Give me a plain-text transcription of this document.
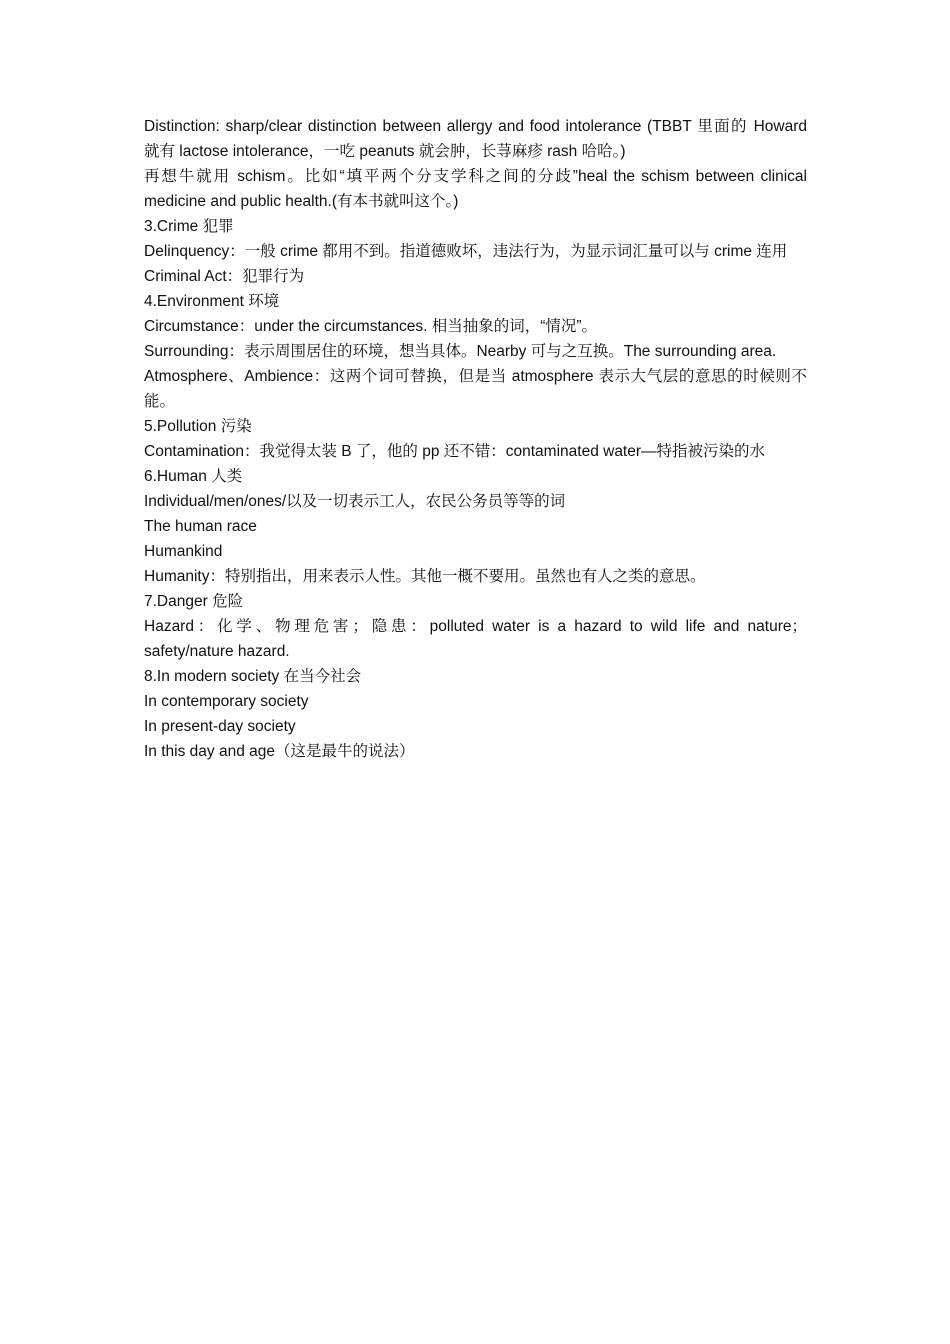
Distinction: sharp/clear distinction between allergy and food intolerance (TBBT 里面的 Howard 就有 lactose intolerance，一吃 peanuts 就会肿，长荨麻疹 rash 哈哈。)

再想牛就用 schism。比如“填平两个分支学科之间的分歧”heal the schism between clinical medicine and public health.(有本书就叫这个。)

3.Crime 犯罪

Delinquency：一般 crime 都用不到。指道德败坏，违法行为，为显示词汇量可以与 crime 连用

Criminal Act：犯罪行为

4.Environment 环境

Circumstance：under the circumstances. 相当抽象的词，“情况”。

Surrounding：表示周围居住的环境，想当具体。Nearby 可与之互换。The surrounding area.

Atmosphere、Ambience：这两个词可替换，但是当 atmosphere 表示大气层的意思的时候则不能。

5.Pollution 污染

Contamination：我觉得太装 B 了，他的 pp 还不错：contaminated water—特指被污染的水

6.Human 人类

Individual/men/ones/以及一切表示工人，农民公务员等等的词

The human race

Humankind

Humanity：特别指出，用来表示人性。其他一概不要用。虽然也有人之类的意思。

7.Danger 危险

Hazard：化学、物理危害；隐患：polluted water is a hazard to wild life and nature；safety/nature hazard.

8.In modern society 在当今社会

In contemporary society

In present-day society

In this day and age（这是最牛的说法）
